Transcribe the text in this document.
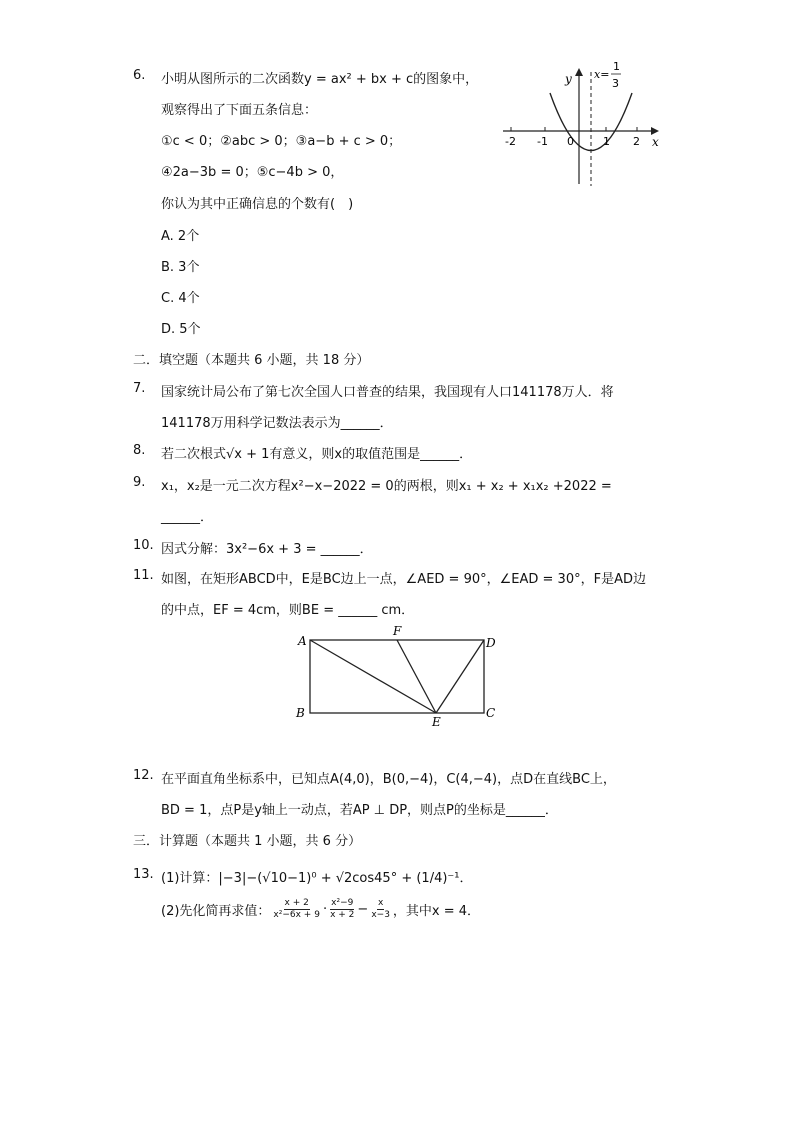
6. 小明从图所示的二次函数y = ax² + bx + c的图象中，
观察得出了下面五条信息：
①c < 0；②abc > 0；③a−b + c > 0；
④2a−3b = 0；⑤c−4b > 0，
你认为其中正确信息的个数有(　)
A. 2个
B. 3个
C. 4个
D. 5个
y
x
x=
1
3
-2 -1 0	1 2
二．填空题（本题共 6 小题，共 18 分）
7. 国家统计局公布了第七次全国人口普查的结果，我国现有人口141178万人．将
141178万用科学记数法表示为______．
8. 若二次根式√x + 1有意义，则x的取值范围是______．
9. x₁，x₂是一元二次方程x²−x−2022 = 0的两根，则x₁ + x₂ + x₁x₂ +2022 =
______．
10. 因式分解：3x²−6x + 3 = ______．
11. 如图，在矩形ABCD中，E是BC边上一点，∠AED = 90°，∠EAD = 30°，F是AD边
的中点，EF = 4cm，则BE = ______ cm．
A
B	C
D
E
F
12. 在平面直角坐标系中，已知点A(4,0)，B(0,−4)，C(4,−4)，点D在直线BC上，
BD = 1，点P是y轴上一动点，若AP ⊥ DP，则点P的坐标是______．
三．计算题（本题共 1 小题，共 6 分）
13. (1)计算：|−3|−(√10−1)⁰ + √2cos45° + (1/4)⁻¹．
(2)先化简再求值： $\frac{x + 2}{\text{x²−6x + 9}} \cdot \frac{\text{x²−9}}{x + 2} - \frac{x}{x-3}$ ，其中x = 4．
